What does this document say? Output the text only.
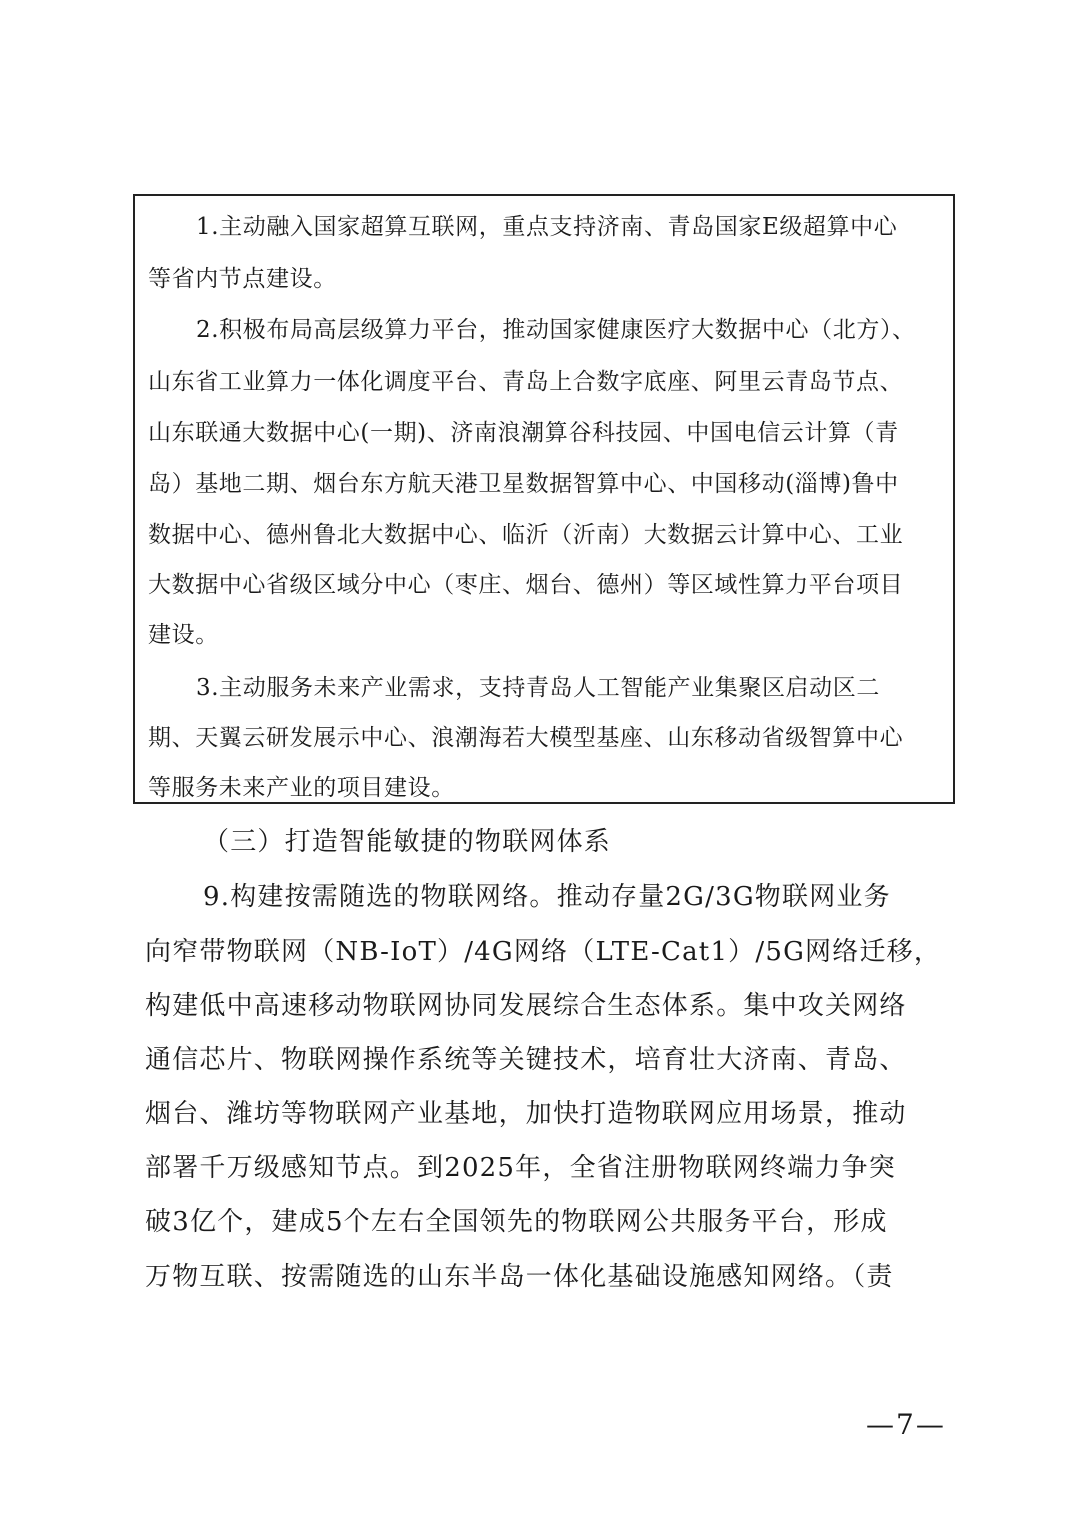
1.主动融入国家超算互联网，重点支持济南、青岛国家E级超算中心
等省内节点建设。
2.积极布局高层级算力平台，推动国家健康医疗大数据中心（北方）、
山东省工业算力一体化调度平台、青岛上合数字底座、阿里云青岛节点、
山东联通大数据中心(一期)、济南浪潮算谷科技园、中国电信云计算（青
岛）基地二期、烟台东方航天港卫星数据智算中心、中国移动(淄博)鲁中
数据中心、德州鲁北大数据中心、临沂（沂南）大数据云计算中心、工业
大数据中心省级区域分中心（枣庄、烟台、德州）等区域性算力平台项目
建设。
3.主动服务未来产业需求，支持青岛人工智能产业集聚区启动区二
期、天翼云研发展示中心、浪潮海若大模型基座、山东移动省级智算中心
等服务未来产业的项目建设。
（三）打造智能敏捷的物联网体系
9.构建按需随选的物联网络。推动存量2G/3G物联网业务
向窄带物联网（NB-IoT）/4G网络（LTE-Cat1）/5G网络迁移，
构建低中高速移动物联网协同发展综合生态体系。集中攻关网络
通信芯片、物联网操作系统等关键技术，培育壮大济南、青岛、
烟台、潍坊等物联网产业基地，加快打造物联网应用场景，推动
部署千万级感知节点。到2025年，全省注册物联网终端力争突
破3亿个，建成5个左右全国领先的物联网公共服务平台，形成
万物互联、按需随选的山东半岛一体化基础设施感知网络。（责
—7—
